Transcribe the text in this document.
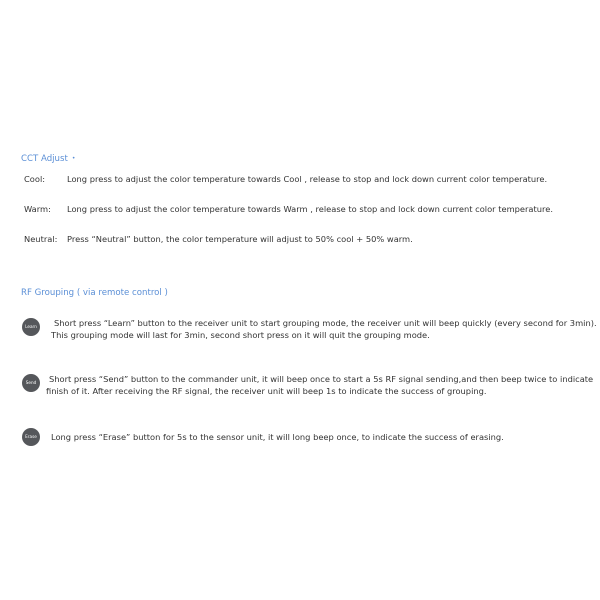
CCT Adjust •
Cool:	Long press to adjust the color temperature towards Cool , release to stop and lock down current color temperature.
Warm: Long press to adjust the color temperature towards Warm , release to stop and lock down current color temperature.
Neutral: Press “Neutral” button, the color temperature will adjust to 50% cool + 50% warm.
RF Grouping ( via remote control )
Learn	Short press “Learn” button to the receiver unit to start grouping mode, the receiver unit will beep quickly (every second for 3min). This grouping mode will last for 3min, second short press on it will quit the grouping mode.
Send	Short press “Send” button to the commander unit, it will beep once to start a 5s RF signal sending,and then beep twice to indicate finish of it. After receiving the RF signal, the receiver unit will beep 1s to indicate the success of grouping.
Erase	Long press “Erase” button for 5s to the sensor unit, it will long beep once, to indicate the success of erasing.
